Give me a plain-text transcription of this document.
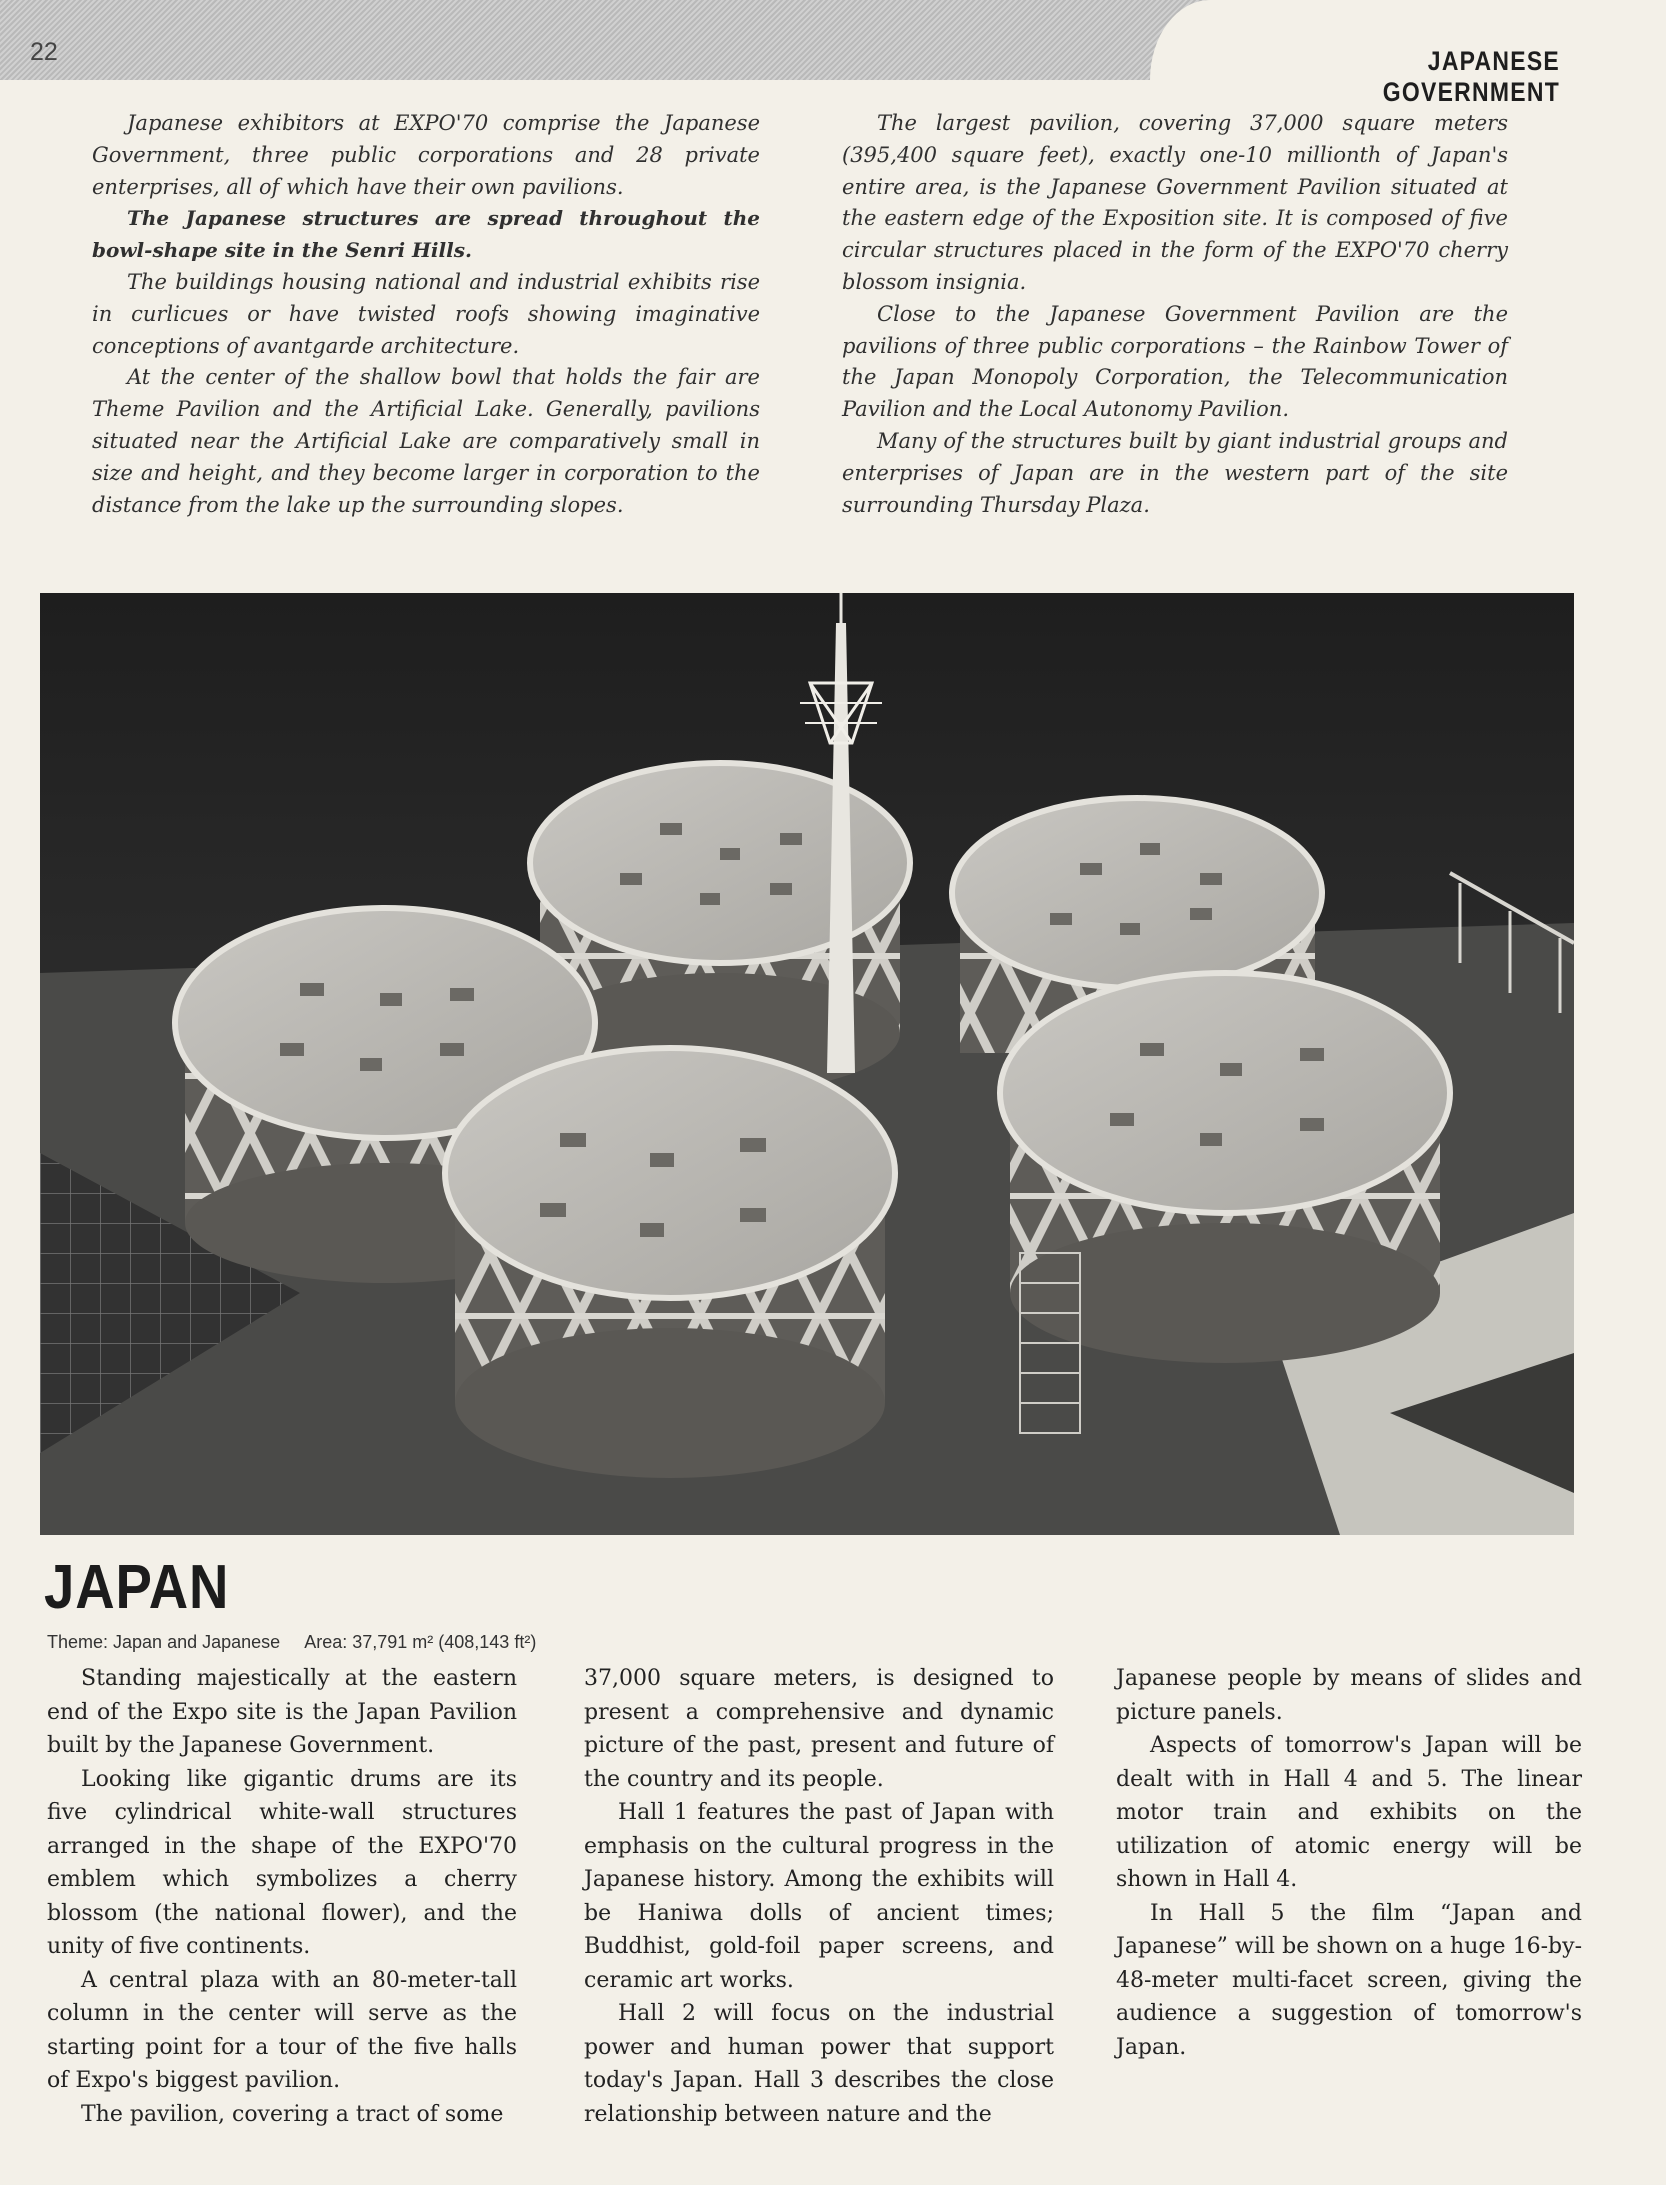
22	JAPANESE GOVERNMENT

Japanese exhibitors at EXPO'70 comprise the Japanese Government, three public corporations and 28 private enterprises, all of which have their own pavilions.

The Japanese structures are spread throughout the bowl-shape site in the Senri Hills.

The buildings housing national and industrial exhibits rise in curlicues or have twisted roofs showing imaginative conceptions of avantgarde architecture.

At the center of the shallow bowl that holds the fair are Theme Pavilion and the Artificial Lake. Generally, pavilions situated near the Artificial Lake are comparatively small in size and height, and they become larger in corporation to the distance from the lake up the surrounding slopes.

The largest pavilion, covering 37,000 square meters (395,400 square feet), exactly one-10 millionth of Japan's entire area, is the Japanese Government Pavilion situated at the eastern edge of the Exposition site. It is composed of five circular structures placed in the form of the EXPO'70 cherry blossom insignia.

Close to the Japanese Government Pavilion are the pavilions of three public corporations – the Rainbow Tower of the Japan Monopoly Corporation, the Telecommunication Pavilion and the Local Autonomy Pavilion.

Many of the structures built by giant industrial groups and enterprises of Japan are in the western part of the site surrounding Thursday Plaza.

JAPAN
Theme: Japan and Japanese Area: 37,791 m² (408,143 ft²)

Standing majestically at the eastern end of the Expo site is the Japan Pavilion built by the Japanese Government.

Looking like gigantic drums are its five cylindrical white-wall structures arranged in the shape of the EXPO'70 emblem which symbolizes a cherry blossom (the national flower), and the unity of five continents.

A central plaza with an 80-meter-tall column in the center will serve as the starting point for a tour of the five halls of Expo's biggest pavilion.

The pavilion, covering a tract of some

37,000 square meters, is designed to present a comprehensive and dynamic picture of the past, present and future of the country and its people.

Hall 1 features the past of Japan with emphasis on the cultural progress in the Japanese history. Among the exhibits will be Haniwa dolls of ancient times; Buddhist, gold-foil paper screens, and ceramic art works.

Hall 2 will focus on the industrial power and human power that support today's Japan. Hall 3 describes the close relationship between nature and the

Japanese people by means of slides and picture panels.

Aspects of tomorrow's Japan will be dealt with in Hall 4 and 5. The linear motor train and exhibits on the utilization of atomic energy will be shown in Hall 4.

In Hall 5 the film “Japan and Japanese” will be shown on a huge 16-by-48-meter multi-facet screen, giving the audience a suggestion of tomorrow's Japan.
